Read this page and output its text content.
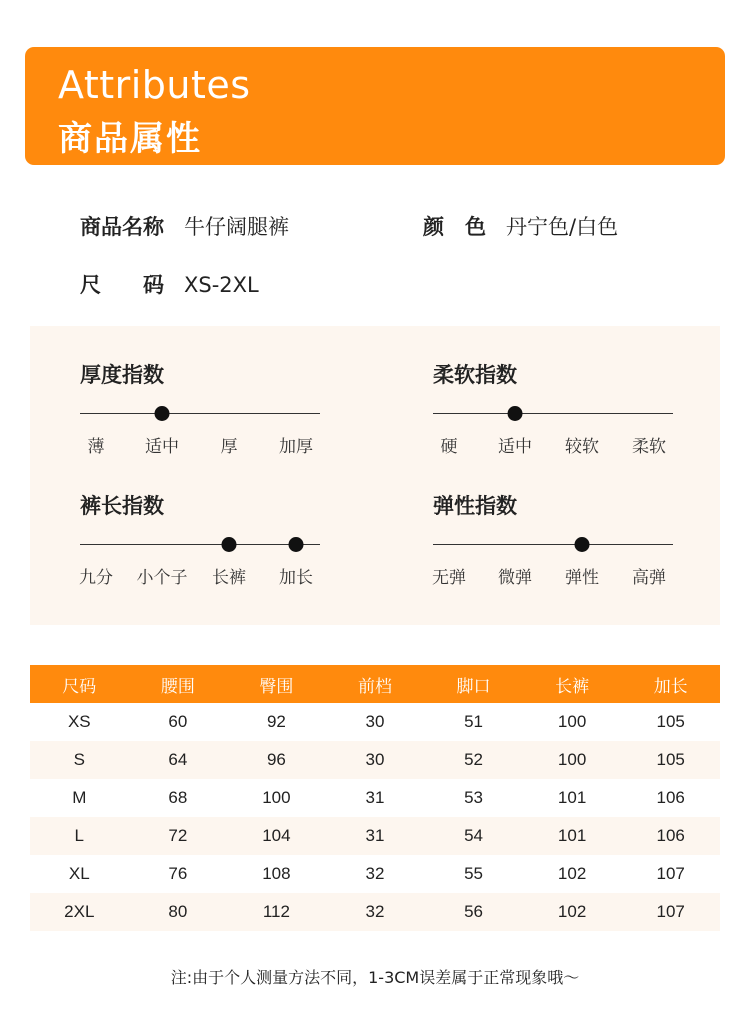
Attributes
商品属性
商品名称 牛仔阔腿裤	颜　色 丹宁色/白色
尺　　码 XS-2XL
厚度指数
薄 适中 厚 加厚
柔软指数
硬 适中 较软 柔软
裤长指数
九分 小个子 长裤 加长
弹性指数
无弹 微弹 弹性 高弹
尺码	腰围	臀围	前档	脚口	长裤	加长
XS	60	92	30	51	100	105
S	64	96	30	52	100	105
M	68	100	31	53	101	106
L	72	104	31	54	101	106
XL	76	108	32	55	102	107
2XL	80	112	32	56	102	107
注:由于个人测量方法不同，1-3CM误差属于正常现象哦～
